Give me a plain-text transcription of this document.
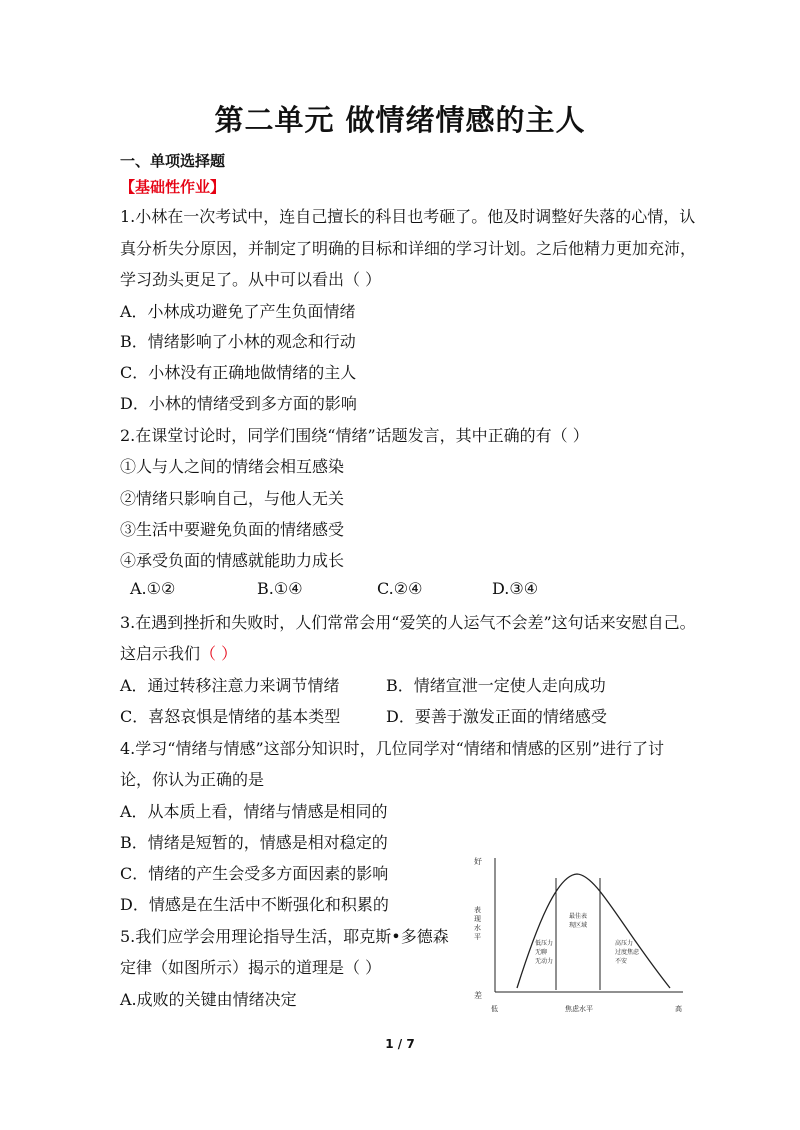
第二单元 做情绪情感的主人
一、单项选择题
【基础性作业】
1.小林在一次考试中，连自己擅长的科目也考砸了。他及时调整好失落的心情，认
真分析失分原因，并制定了明确的目标和详细的学习计划。之后他精力更加充沛，
学习劲头更足了。从中可以看出（ ）
A．小林成功避免了产生负面情绪
B．情绪影响了小林的观念和行动
C．小林没有正确地做情绪的主人
D．小林的情绪受到多方面的影响
2.在课堂讨论时，同学们围绕“情绪”话题发言，其中正确的有（ ）
①人与人之间的情绪会相互感染
②情绪只影响自己，与他人无关
③生活中要避免负面的情绪感受
④承受负面的情感就能助力成长
A.①②	B.①④	C.②④	D.③④
3.在遇到挫折和失败时，人们常常会用“爱笑的人运气不会差”这句话来安慰自己。
这启示我们（ ）
A．通过转移注意力来调节情绪	B．情绪宣泄一定使人走向成功
C．喜怒哀惧是情绪的基本类型	D．要善于激发正面的情绪感受
4.学习“情绪与情感”这部分知识时，几位同学对“情绪和情感的区别”进行了讨
论，你认为正确的是
A．从本质上看，情绪与情感是相同的
B．情绪是短暂的，情感是相对稳定的
C．情绪的产生会受多方面因素的影响
D．情感是在生活中不断强化和积累的
5.我们应学会用理论指导生活，耶克斯•多德森
定律（如图所示）揭示的道理是（ ）
A.成败的关键由情绪决定
好
表
现
水
平
差
低	焦虑水平	高
低压力
无聊
无动力
最佳表
现区域
高压力
过度焦虑
不安
1 / 7
